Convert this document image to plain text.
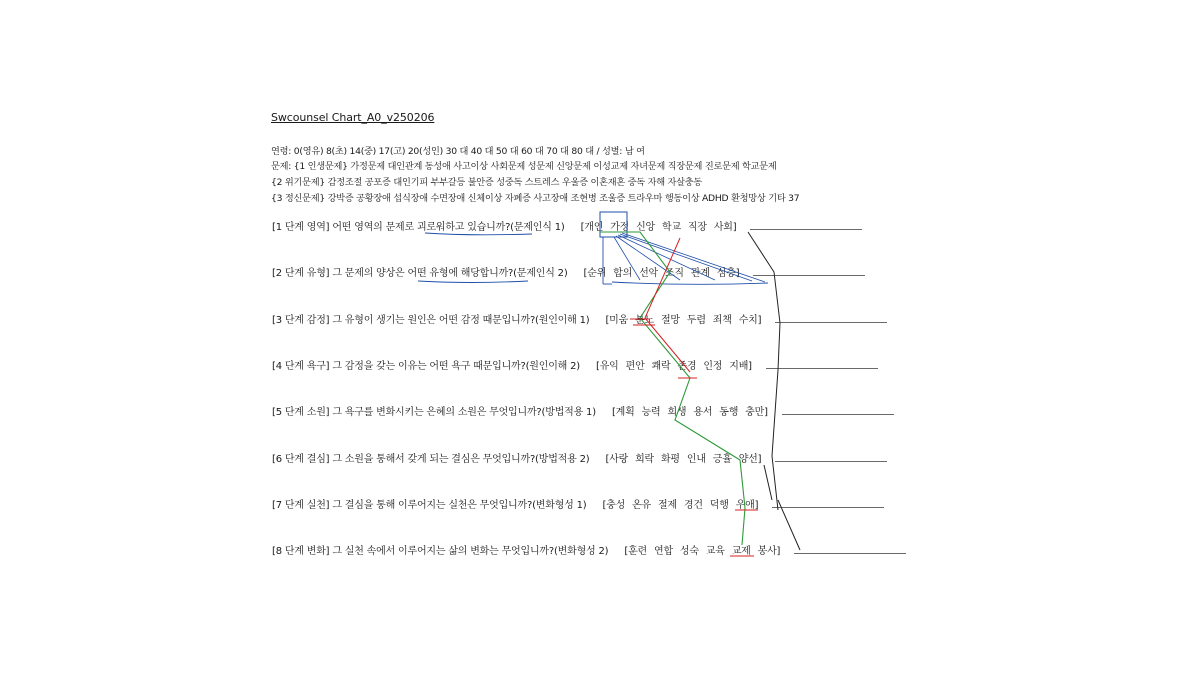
Swcounsel Chart_A0_v250206
연령: 0(영유) 8(초) 14(중) 17(고) 20(성인) 30 대 40 대 50 대 60 대 70 대 80 대 / 성별: 남 여
문제: {1 인생문제} 가정문제 대인관계 동성애 사고이상 사회문제 성문제 신앙문제 이성교제 자녀문제 직장문제 진로문제 학교문제
{2 위기문제} 감정조절 공포증 대인기피 부부갈등 불안증 성중독 스트레스 우울증 이혼재혼 중독 자해 자살충동
{3 정신문제} 강박증 공황장애 섭식장애 수면장애 신체이상 자폐증 사고장애 조현병 조울증 트라우마 행동이상 ADHD 환청망상 기타 37
[1 단계 영역] 어떤 영역의 문제로 괴로워하고 있습니까?(문제인식 1) [개인 가정 신앙 학교 직장 사회]
[2 단계 유형] 그 문제의 양상은 어떤 유형에 해당합니까?(문제인식 2) [순위 합의 선악 조직 관계 심층]
[3 단계 감정] 그 유형이 생기는 원인은 어떤 감정 때문입니까?(원인이해 1) [미움 분노 절망 두렴 죄책 수치]
[4 단계 욕구] 그 감정을 갖는 이유는 어떤 욕구 때문입니까?(원인이해 2) [유익 편안 쾌락 존경 인정 지배]
[5 단계 소원] 그 욕구를 변화시키는 은혜의 소원은 무엇입니까?(방법적용 1) [계획 능력 희생 용서 동행 충만]
[6 단계 결심] 그 소원을 통해서 갖게 되는 결심은 무엇입니까?(방법적용 2) [사랑 희락 화평 인내 긍휼 양선]
[7 단계 실천] 그 결심을 통해 이루어지는 실천은 무엇입니까?(변화형성 1) [충성 온유 절제 경건 덕행 우애]
[8 단계 변화] 그 실천 속에서 이루어지는 삶의 변화는 무엇입니까?(변화형성 2) [훈련 연합 성숙 교육 교제 봉사]
